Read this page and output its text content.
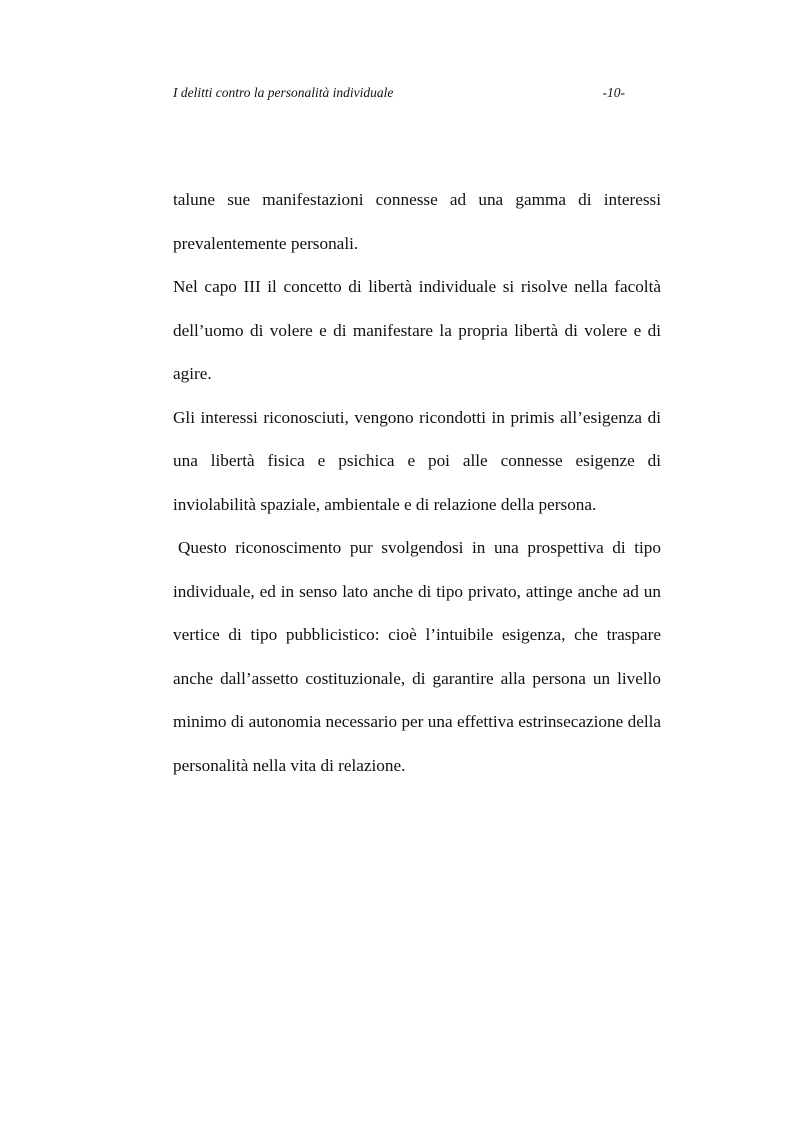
I delitti contro la personalità individuale	-10-

talune sue manifestazioni connesse ad una gamma di interessi prevalentemente personali.

Nel capo III il concetto di libertà individuale si risolve nella facoltà dell’uomo di volere e di manifestare la propria libertà di volere e di agire.

Gli interessi riconosciuti, vengono ricondotti in primis all’esigenza di una libertà fisica e psichica e poi alle connesse esigenze di inviolabilità spaziale, ambientale e di relazione della persona.

Questo riconoscimento pur svolgendosi in una prospettiva di tipo individuale, ed in senso lato anche di tipo privato, attinge anche ad un vertice di tipo pubblicistico: cioè l’intuibile esigenza, che traspare anche dall’assetto costituzionale, di garantire alla persona un livello minimo di autonomia necessario per una effettiva estrinsecazione della personalità nella vita di relazione.
